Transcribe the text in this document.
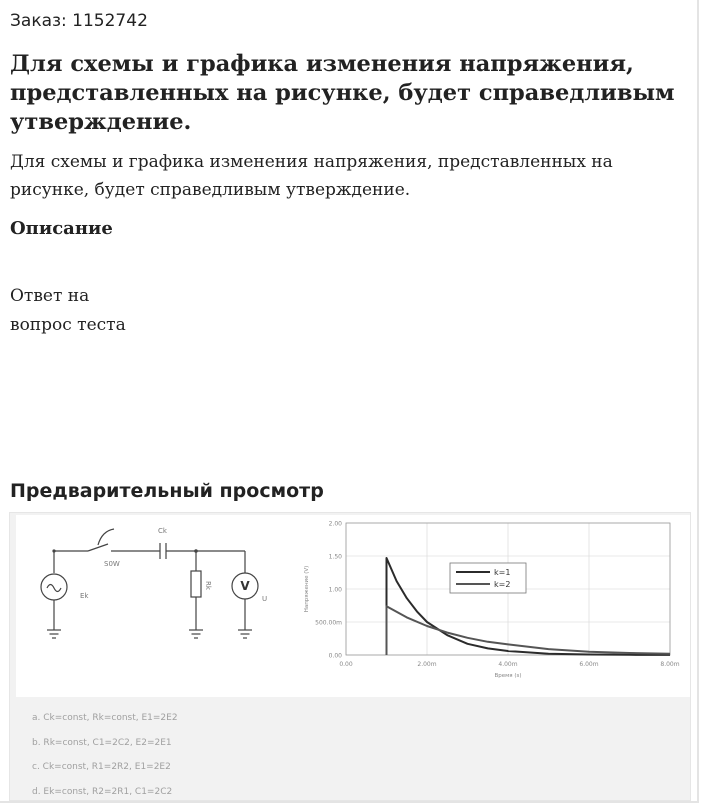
Заказ: 1152742
Для схемы и графика изменения напряжения, представленных на рисунке, будет справедливым утверждение.

Для схемы и графика изменения напряжения, представленных на рисунке, будет справедливым утверждение.

Описание
Ответ на
вопрос теста
Предварительный просмотр
Ck
S0W
Ek
Rk V
U
2.00
1.50
1.00
500.00m
0.00
0.00	2.00m	4.00m	6.00m	8.00m
Напряжение (V)
Время (s)
k=1
k=2
a. Ck=const, Rk=const, E1=2E2
b. Rk=const, C1=2C2, E2=2E1
c. Ck=const, R1=2R2, E1=2E2
d. Ek=const, R2=2R1, C1=2C2
